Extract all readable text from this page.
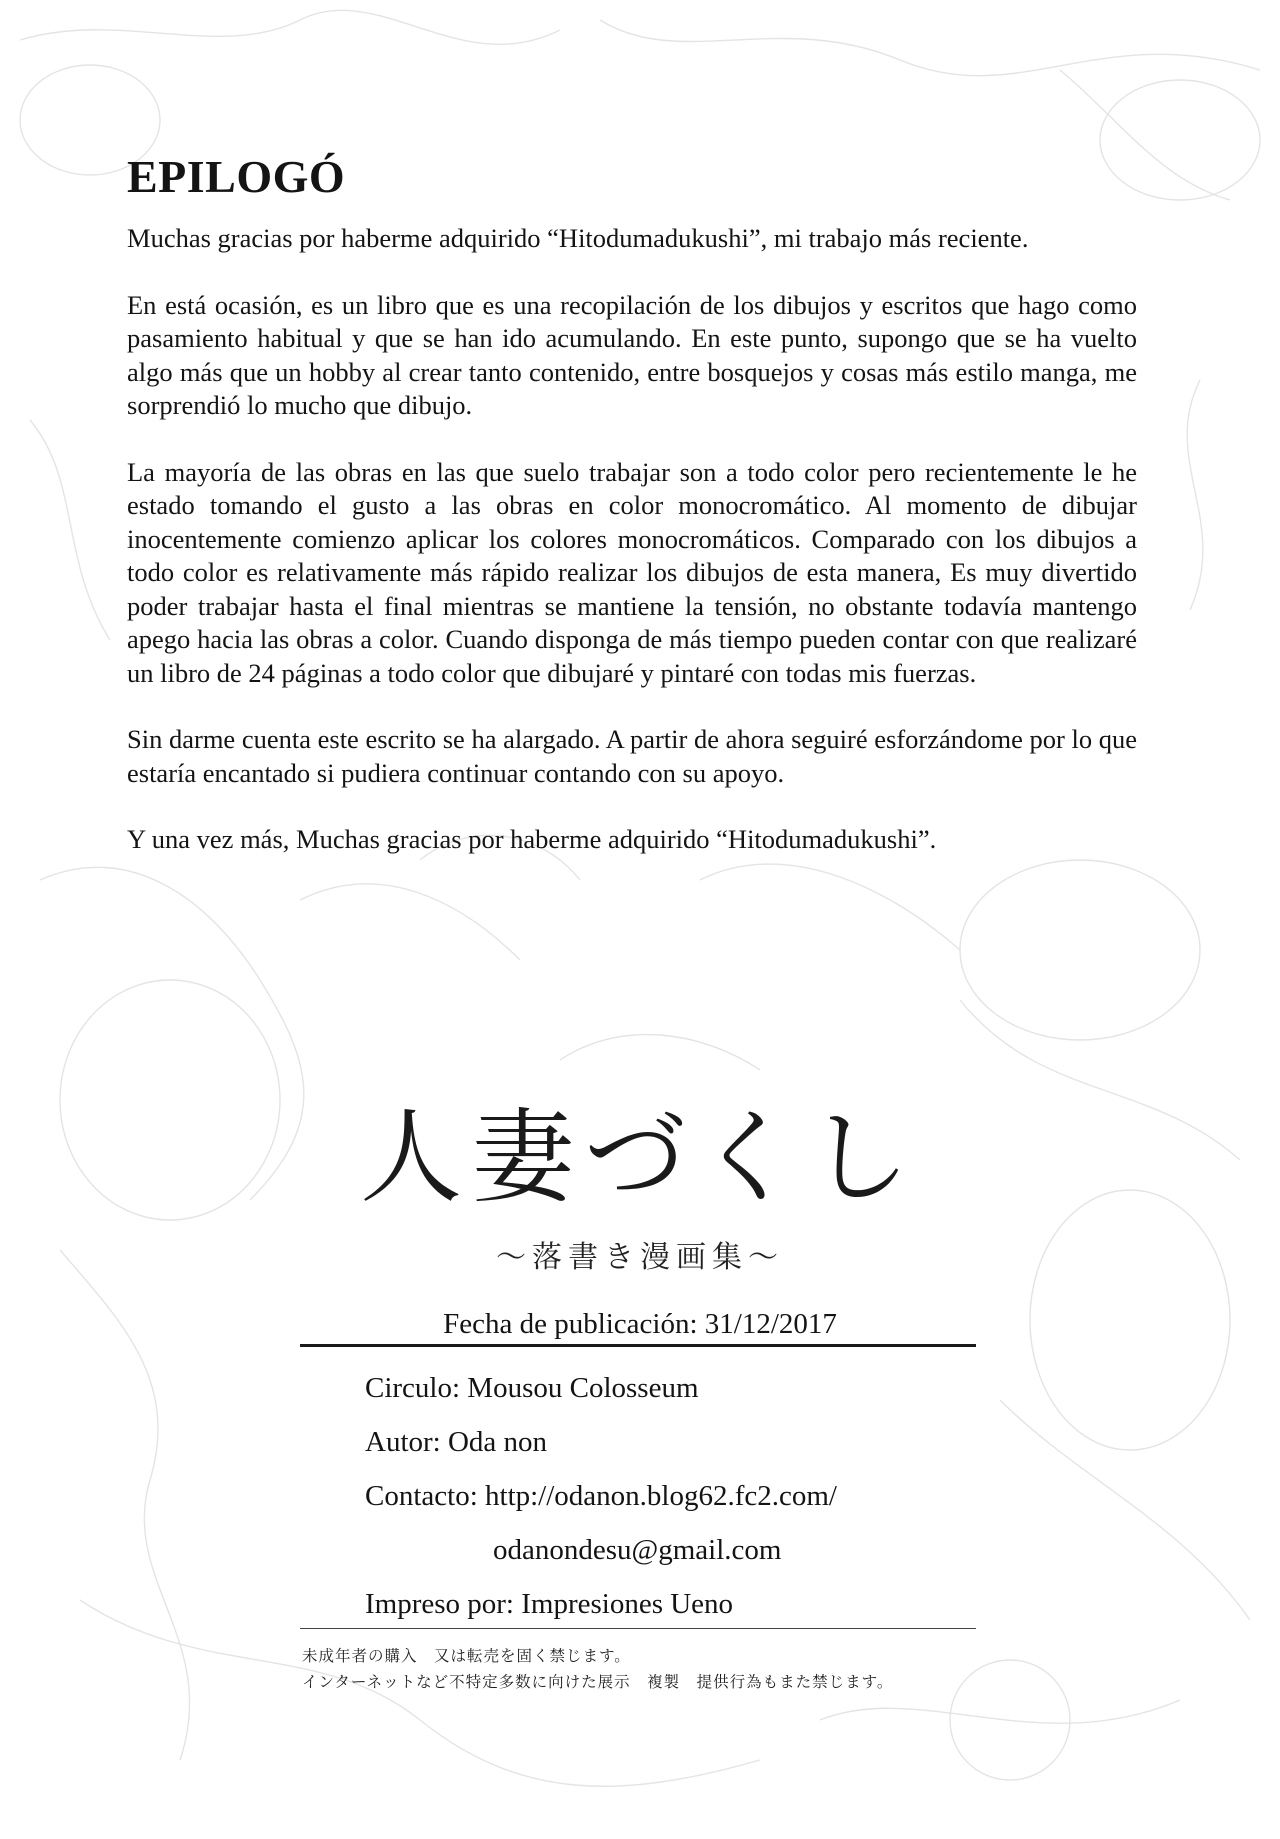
EPILOGÓ

Muchas gracias por haberme adquirido “Hitodumadukushi”, mi trabajo más reciente.

En está ocasión, es un libro que es una recopilación de los dibujos y escritos que hago como pasamiento habitual y que se han ido acumulando. En este punto, supongo que se ha vuelto algo más que un hobby al crear tanto contenido, entre bosquejos y cosas más estilo manga, me sorprendió lo mucho que dibujo.

La mayoría de las obras en las que suelo trabajar son a todo color pero recientemente le he estado tomando el gusto a las obras en color monocromático. Al momento de dibujar inocentemente comienzo aplicar los colores monocromáticos. Comparado con los dibujos a todo color es relativamente más rápido realizar los dibujos de esta manera, Es muy divertido poder trabajar hasta el final mientras se mantiene la tensión, no obstante todavía mantengo apego hacia las obras a color. Cuando disponga de más tiempo pueden contar con que realizaré un libro de 24 páginas a todo color que dibujaré y pintaré con todas mis fuerzas.

Sin darme cuenta este escrito se ha alargado. A partir de ahora seguiré esforzándome por lo que estaría encantado si pudiera continuar contando con su apoyo.

Y una vez más, Muchas gracias por haberme adquirido “Hitodumadukushi”.

人妻づくし
〜落書き漫画集〜
Fecha de publicación: 31/12/2017
Circulo: Mousou Colosseum
Autor: Oda non
Contacto: http://odanon.blog62.fc2.com/
odanondesu@gmail.com
Impreso por: Impresiones Ueno
未成年者の購入　又は転売を固く禁じます。
インターネットなど不特定多数に向けた展示　複製　提供行為もまた禁じます。
